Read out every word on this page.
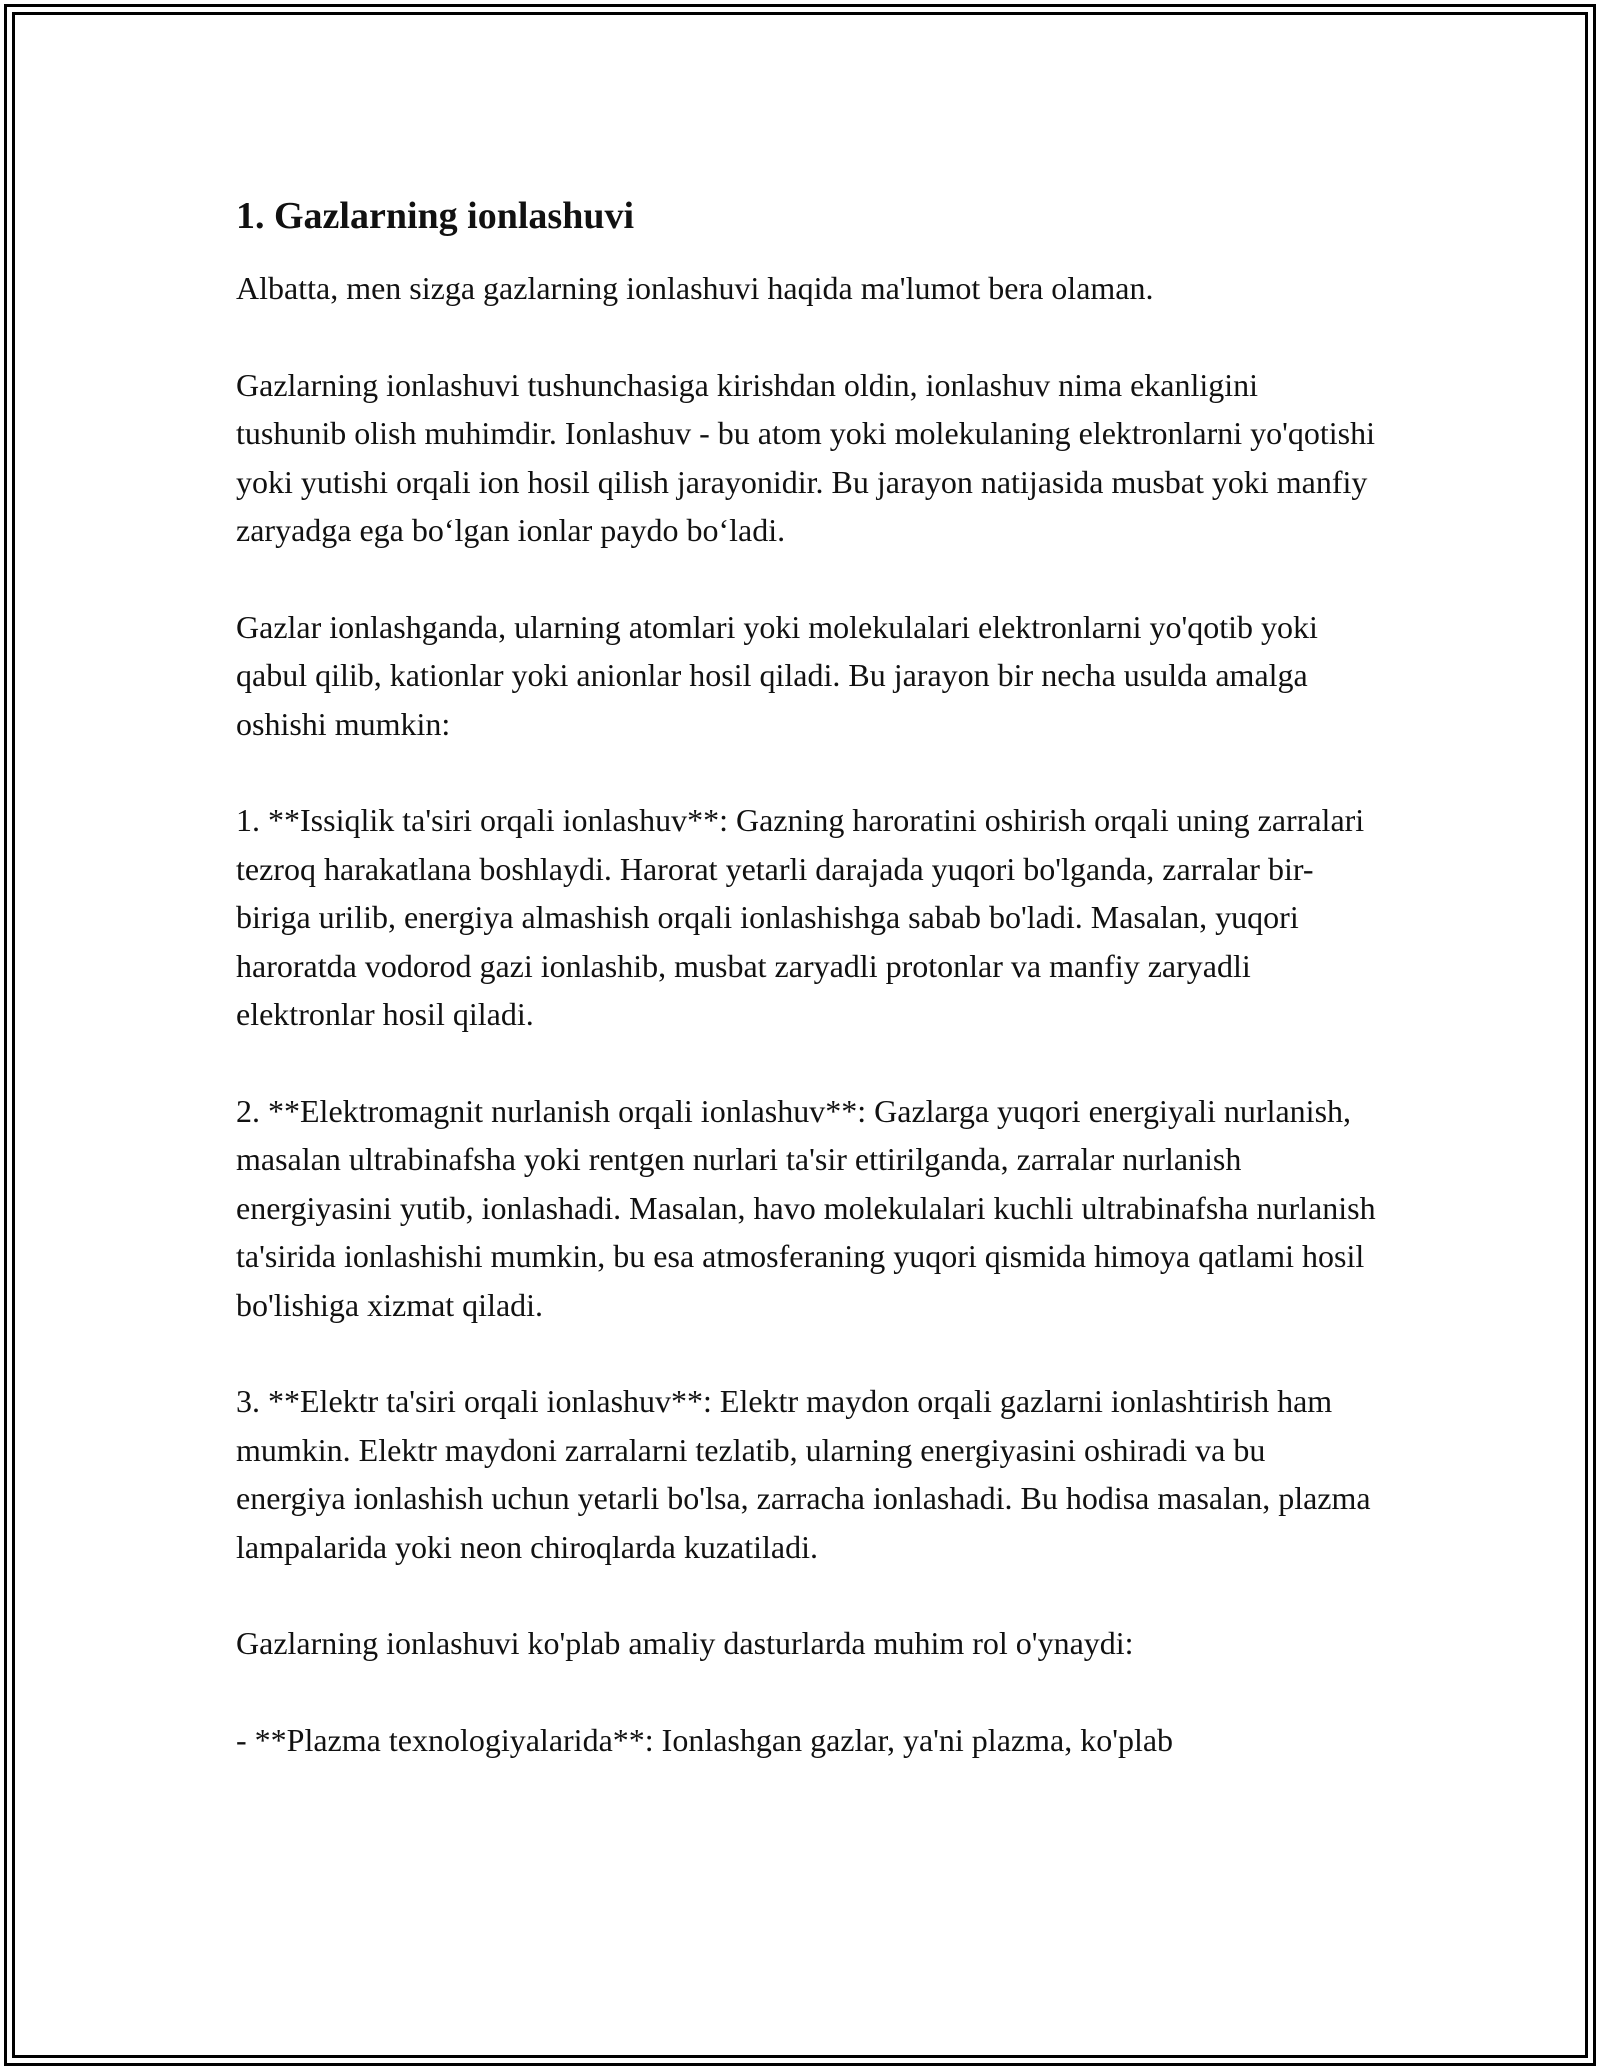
1. Gazlarning ionlashuvi

Albatta, men sizga gazlarning ionlashuvi haqida ma'lumot bera olaman.

Gazlarning ionlashuvi tushunchasiga kirishdan oldin, ionlashuv nima ekanligini tushunib olish muhimdir. Ionlashuv - bu atom yoki molekulaning elektronlarni yo'qotishi yoki yutishi orqali ion hosil qilish jarayonidir. Bu jarayon natijasida musbat yoki manfiy zaryadga ega bo‘lgan ionlar paydo bo‘ladi.

Gazlar ionlashganda, ularning atomlari yoki molekulalari elektronlarni yo'qotib yoki qabul qilib, kationlar yoki anionlar hosil qiladi. Bu jarayon bir necha usulda amalga oshishi mumkin:

1. **Issiqlik ta'siri orqali ionlashuv**: Gazning haroratini oshirish orqali uning zarralari tezroq harakatlana boshlaydi. Harorat yetarli darajada yuqori bo'lganda, zarralar bir-biriga urilib, energiya almashish orqali ionlashishga sabab bo'ladi. Masalan, yuqori haroratda vodorod gazi ionlashib, musbat zaryadli protonlar va manfiy zaryadli elektronlar hosil qiladi.

2. **Elektromagnit nurlanish orqali ionlashuv**: Gazlarga yuqori energiyali nurlanish, masalan ultrabinafsha yoki rentgen nurlari ta'sir ettirilganda, zarralar nurlanish energiyasini yutib, ionlashadi. Masalan, havo molekulalari kuchli ultrabinafsha nurlanish ta'sirida ionlashishi mumkin, bu esa atmosferaning yuqori qismida himoya qatlami hosil bo'lishiga xizmat qiladi.

3. **Elektr ta'siri orqali ionlashuv**: Elektr maydon orqali gazlarni ionlashtirish ham mumkin. Elektr maydoni zarralarni tezlatib, ularning energiyasini oshiradi va bu energiya ionlashish uchun yetarli bo'lsa, zarracha ionlashadi. Bu hodisa masalan, plazma lampalarida yoki neon chiroqlarda kuzatiladi.

Gazlarning ionlashuvi ko'plab amaliy dasturlarda muhim rol o'ynaydi:

- **Plazma texnologiyalarida**: Ionlashgan gazlar, ya'ni plazma, ko'plab
